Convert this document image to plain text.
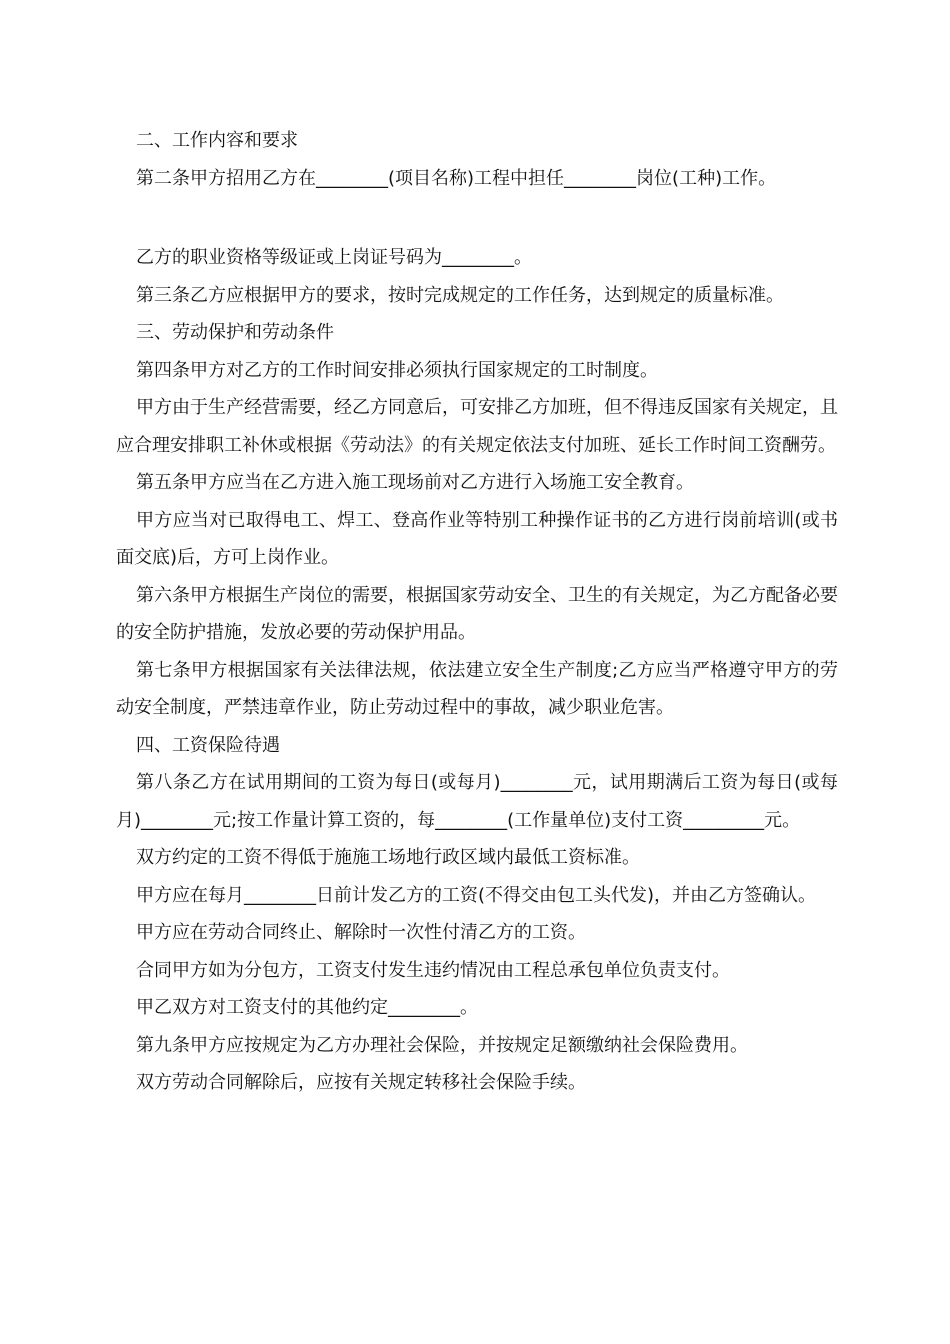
二、工作内容和要求

第二条甲方招用乙方在________(项目名称)工程中担任________岗位(工种)工作。

乙方的职业资格等级证或上岗证号码为________。

第三条乙方应根据甲方的要求，按时完成规定的工作任务，达到规定的质量标准。

三、劳动保护和劳动条件

第四条甲方对乙方的工作时间安排必须执行国家规定的工时制度。

甲方由于生产经营需要，经乙方同意后，可安排乙方加班，但不得违反国家有关规定，且应合理安排职工补休或根据《劳动法》的有关规定依法支付加班、延长工作时间工资酬劳。

第五条甲方应当在乙方进入施工现场前对乙方进行入场施工安全教育。

甲方应当对已取得电工、焊工、登高作业等特别工种操作证书的乙方进行岗前培训(或书面交底)后，方可上岗作业。

第六条甲方根据生产岗位的需要，根据国家劳动安全、卫生的有关规定，为乙方配备必要的安全防护措施，发放必要的劳动保护用品。

第七条甲方根据国家有关法律法规，依法建立安全生产制度;乙方应当严格遵守甲方的劳动安全制度，严禁违章作业，防止劳动过程中的事故，减少职业危害。

四、工资保险待遇

第八条乙方在试用期间的工资为每日(或每月)________元，试用期满后工资为每日(或每月)________元;按工作量计算工资的，每________(工作量单位)支付工资_________元。

双方约定的工资不得低于施施工场地行政区域内最低工资标准。

甲方应在每月________日前计发乙方的工资(不得交由包工头代发)，并由乙方签确认。

甲方应在劳动合同终止、解除时一次性付清乙方的工资。

合同甲方如为分包方，工资支付发生违约情况由工程总承包单位负责支付。

甲乙双方对工资支付的其他约定________。

第九条甲方应按规定为乙方办理社会保险，并按规定足额缴纳社会保险费用。

双方劳动合同解除后，应按有关规定转移社会保险手续。
